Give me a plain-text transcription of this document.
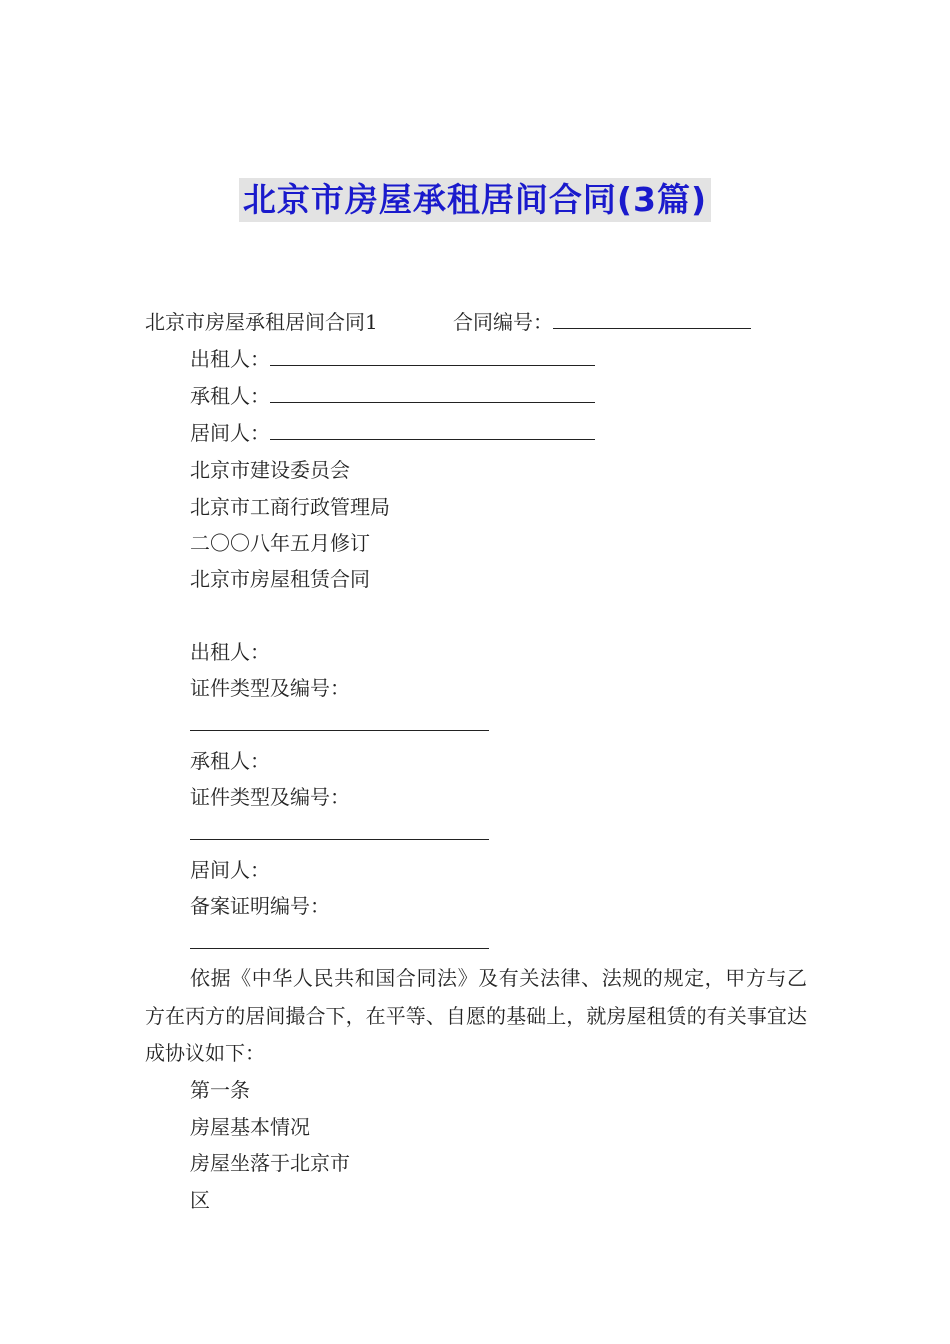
北京市房屋承租居间合同(3篇)
北京市房屋承租居间合同1	合同编号：
出租人：
承租人：
居间人：
北京市建设委员会
北京市工商行政管理局
二〇〇八年五月修订
北京市房屋租赁合同
出租人：
证件类型及编号：
承租人：
证件类型及编号：
居间人：
备案证明编号：
依据《中华人民共和国合同法》及有关法律、法规的规定，甲方与乙方在丙方的居间撮合下，在平等、自愿的基础上，就房屋租赁的有关事宜达成协议如下：
第一条
房屋基本情况
房屋坐落于北京市
区
